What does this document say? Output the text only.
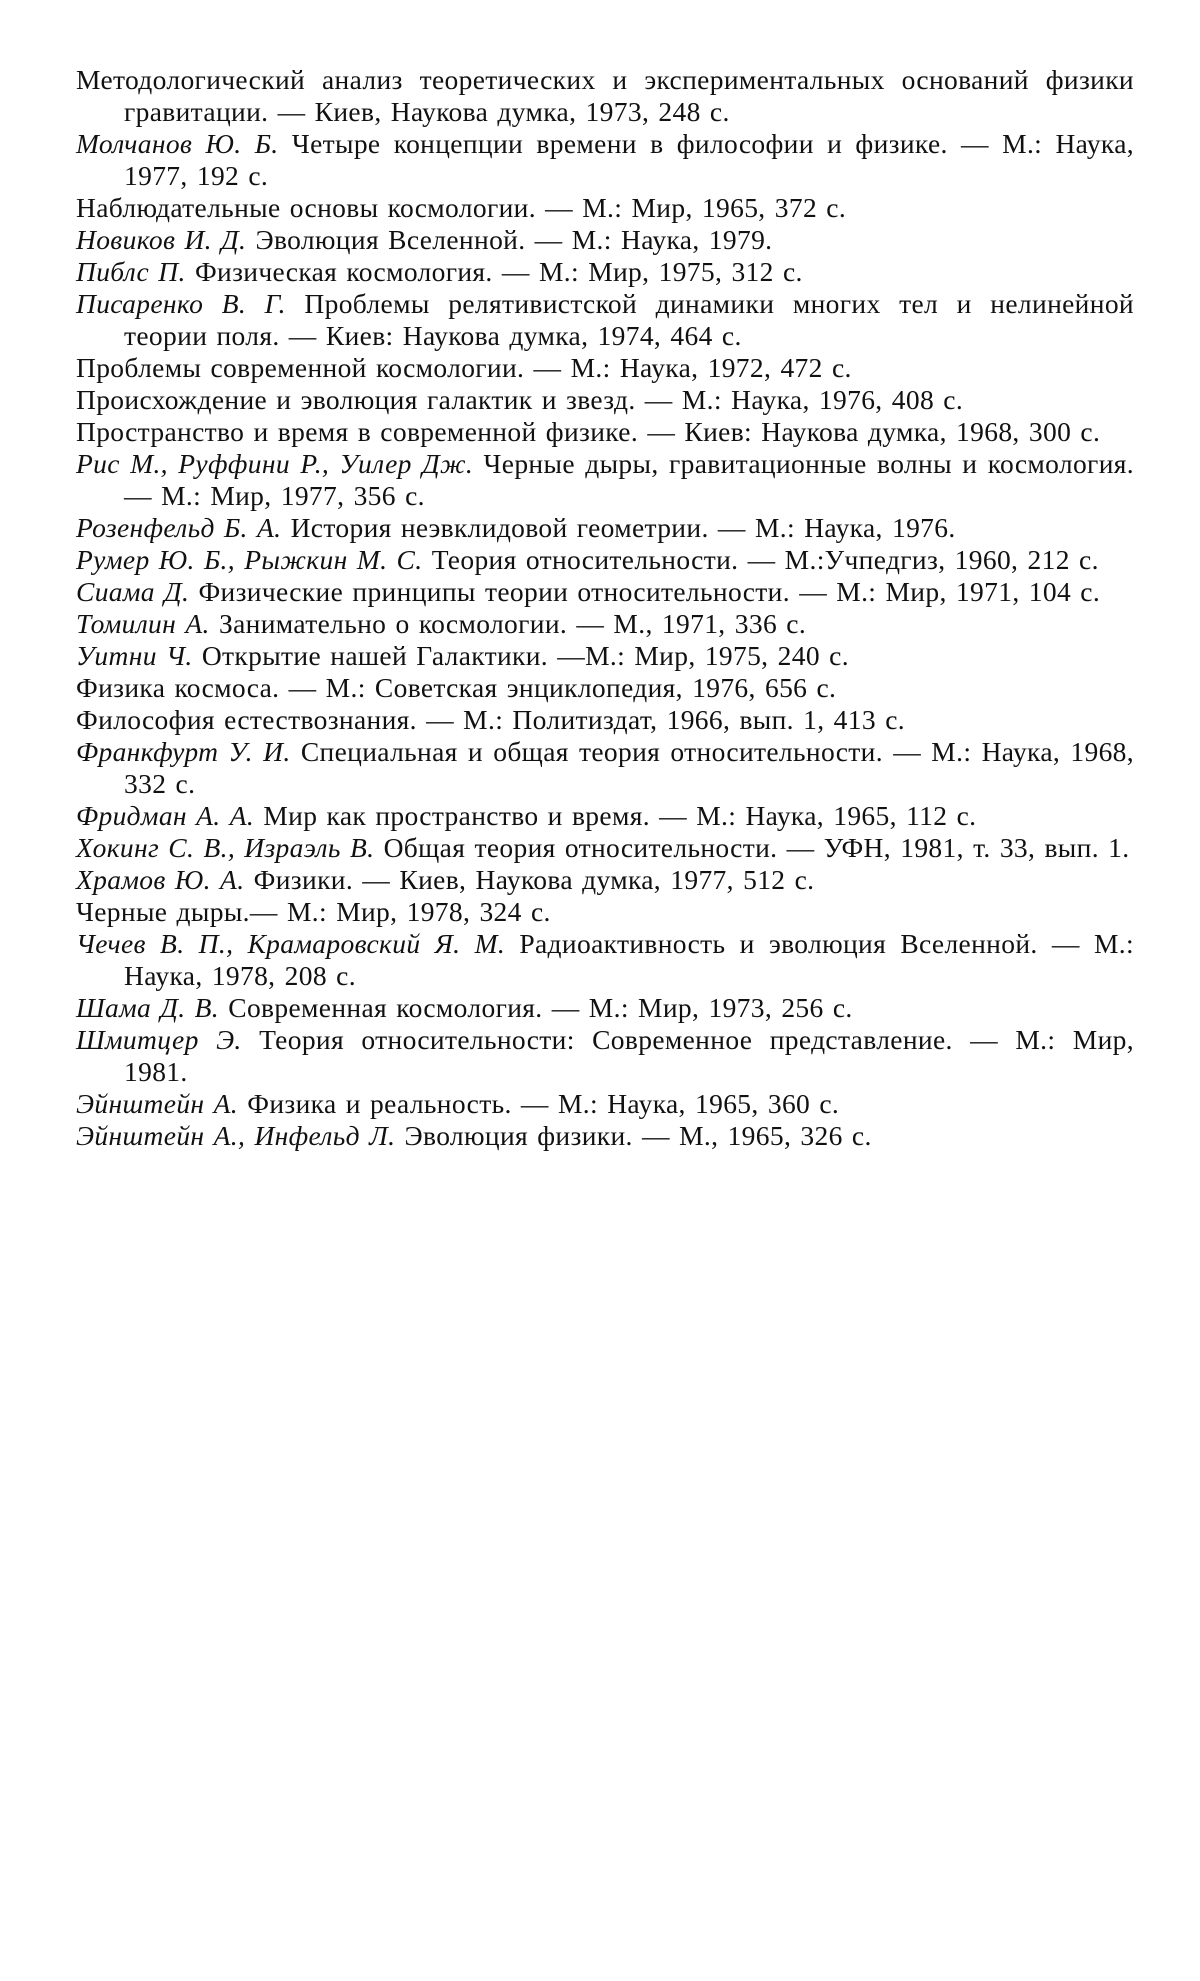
Методологический анализ теоретических и экспериментальных оснований физики гравитации. — Киев, Наукова думка, 1973, 248 с.
Молчанов Ю. Б. Четыре концепции времени в философии и физике. — М.: Наука, 1977, 192 с.
Наблюдательные основы космологии. — М.: Мир, 1965, 372 с.
Новиков И. Д. Эволюция Вселенной. — М.: Наука, 1979.
Пиблс П. Физическая космология. — М.: Мир, 1975, 312 с.
Писаренко В. Г. Проблемы релятивистской динамики многих тел и нелинейной теории поля. — Киев: Наукова думка, 1974, 464 с.
Проблемы современной космологии. — М.: Наука, 1972, 472 с.
Происхождение и эволюция галактик и звезд. — М.: Наука, 1976, 408 с.
Пространство и время в современной физике. — Киев: Наукова думка, 1968, 300 с.
Рис М., Руффини Р., Уилер Дж. Черные дыры, гравитационные волны и космология. — М.: Мир, 1977, 356 с.
Розенфельд Б. А. История неэвклидовой геометрии. — М.: Наука, 1976.
Румер Ю. Б., Рыжкин М. С. Теория относительности. — М.:Учпедгиз, 1960, 212 с.
Сиама Д. Физические принципы теории относительности. — М.: Мир, 1971, 104 с.
Томилин А. Занимательно о космологии. — М., 1971, 336 с.
Уитни Ч. Открытие нашей Галактики. —М.: Мир, 1975, 240 с.
Физика космоса. — М.: Советская энциклопедия, 1976, 656 с.
Философия естествознания. — М.: Политиздат, 1966, вып. 1, 413 с.
Франкфурт У. И. Специальная и общая теория относительности. — М.: Наука, 1968, 332 с.
Фридман А. А. Мир как пространство и время. — М.: Наука, 1965, 112 с.
Хокинг С. В., Израэль В. Общая теория относительности. — УФН, 1981, т. 33, вып. 1.
Храмов Ю. А. Физики. — Киев, Наукова думка, 1977, 512 с.
Черные дыры.— М.: Мир, 1978, 324 с.
Чечев В. П., Крамаровский Я. М. Радиоактивность и эволюция Вселенной. — М.: Наука, 1978, 208 с.
Шама Д. В. Современная космология. — М.: Мир, 1973, 256 с.
Шмитцер Э. Теория относительности: Современное представление. — М.: Мир, 1981.
Эйнштейн А. Физика и реальность. — М.: Наука, 1965, 360 с.
Эйнштейн А., Инфельд Л. Эволюция физики. — М., 1965, 326 с.
